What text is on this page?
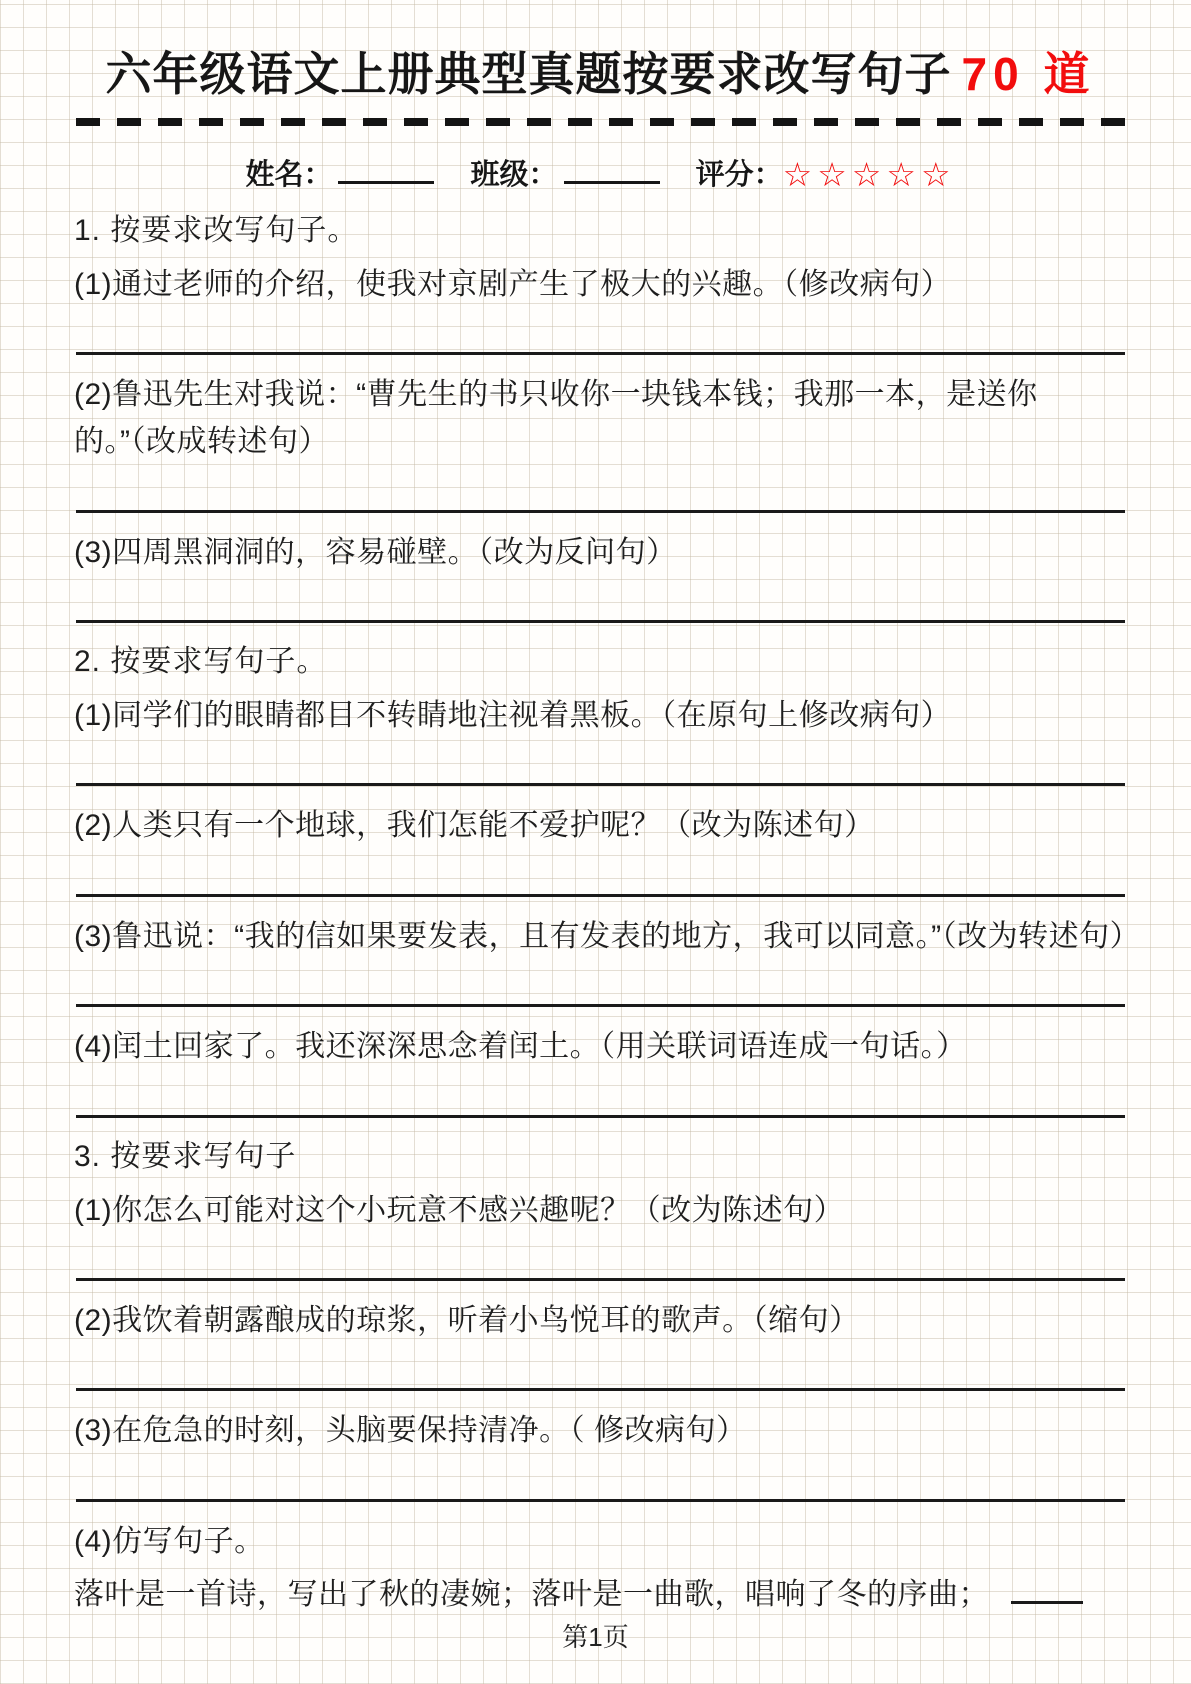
六年级语文上册典型真题按要求改写句子 70 道
姓名：	班级：	评分：☆☆☆☆☆
1. 按要求改写句子。
(1)通过老师的介绍，使我对京剧产生了极大的兴趣。（修改病句）
(2)鲁迅先生对我说：“曹先生的书只收你一块钱本钱；我那一本，是送你的。”（改成转述句）
(3)四周黑洞洞的，容易碰壁。（改为反问句）
2. 按要求写句子。
(1)同学们的眼睛都目不转睛地注视着黑板。（在原句上修改病句）
(2)人类只有一个地球，我们怎能不爱护呢？（改为陈述句）
(3)鲁迅说：“我的信如果要发表，且有发表的地方，我可以同意。”（改为转述句）
(4)闰土回家了。我还深深思念着闰土。（用关联词语连成一句话。）
3. 按要求写句子
(1)你怎么可能对这个小玩意不感兴趣呢？（改为陈述句）
(2)我饮着朝露酿成的琼浆，听着小鸟悦耳的歌声。（缩句）
(3)在危急的时刻，头脑要保持清净。（ 修改病句）
(4)仿写句子。
落叶是一首诗，写出了秋的凄婉；落叶是一曲歌，唱响了冬的序曲；
第1页
